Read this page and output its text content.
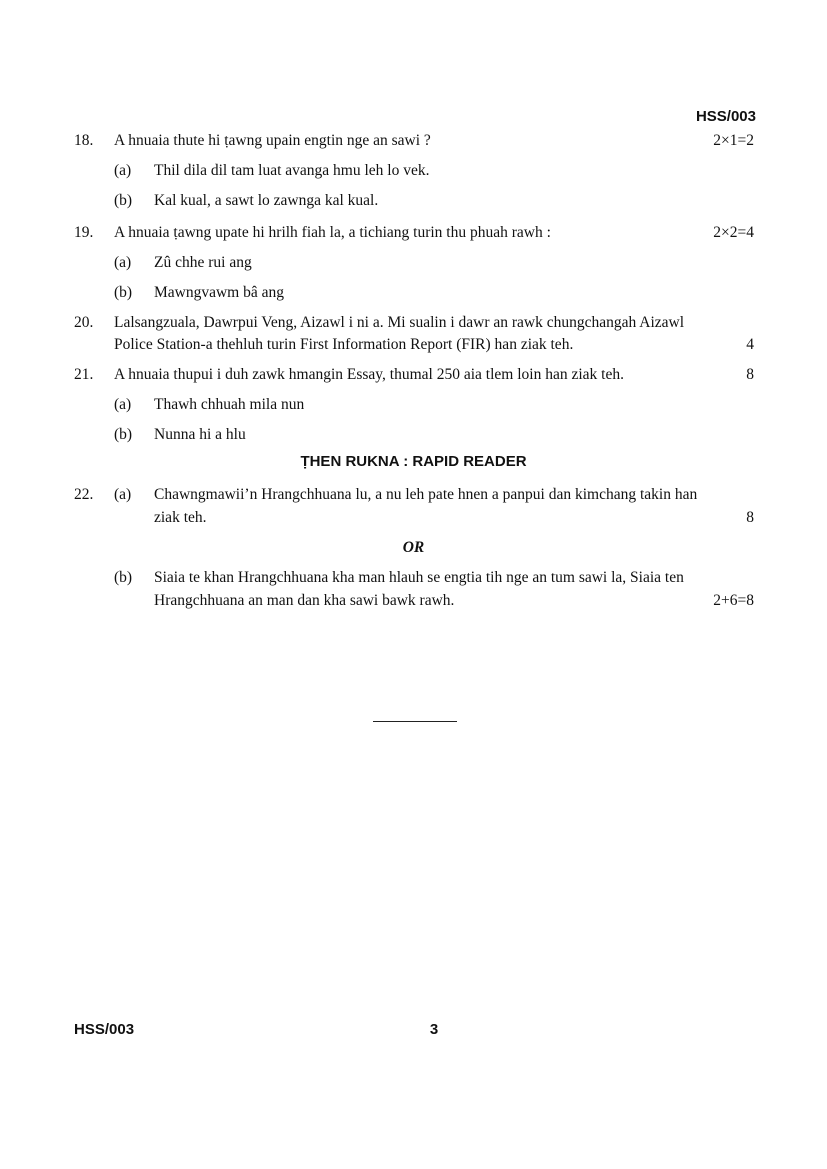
HSS/003
18. A hnuaia thute hi ṭawng upain engtin nge an sawi ?	2×1=2
(a) Thil dila dil tam luat avanga hmu leh lo vek.
(b) Kal kual, a sawt lo zawnga kal kual.
19. A hnuaia ṭawng upate hi hrilh fiah la, a tichiang turin thu phuah rawh :	2×2=4
(a) Zû chhe rui ang
(b) Mawngvawm bâ ang
20. Lalsangzuala, Dawrpui Veng, Aizawl i ni a. Mi sualin i dawr an rawk chungchangah Aizawl
Police Station-a thehluh turin First Information Report (FIR) han ziak teh.	4
21. A hnuaia thupui i duh zawk hmangin Essay, thumal 250 aia tlem loin han ziak teh.	8
(a) Thawh chhuah mila nun
(b) Nunna hi a hlu
ṬHEN RUKNA : RAPID READER
22. (a) Chawngmawii’n Hrangchhuana lu, a nu leh pate hnen a panpui dan kimchang takin han
ziak teh.	8
OR
(b) Siaia te khan Hrangchhuana kha man hlauh se engtia tih nge an tum sawi la, Siaia ten
Hrangchhuana an man dan kha sawi bawk rawh.	2+6=8
HSS/003	3
